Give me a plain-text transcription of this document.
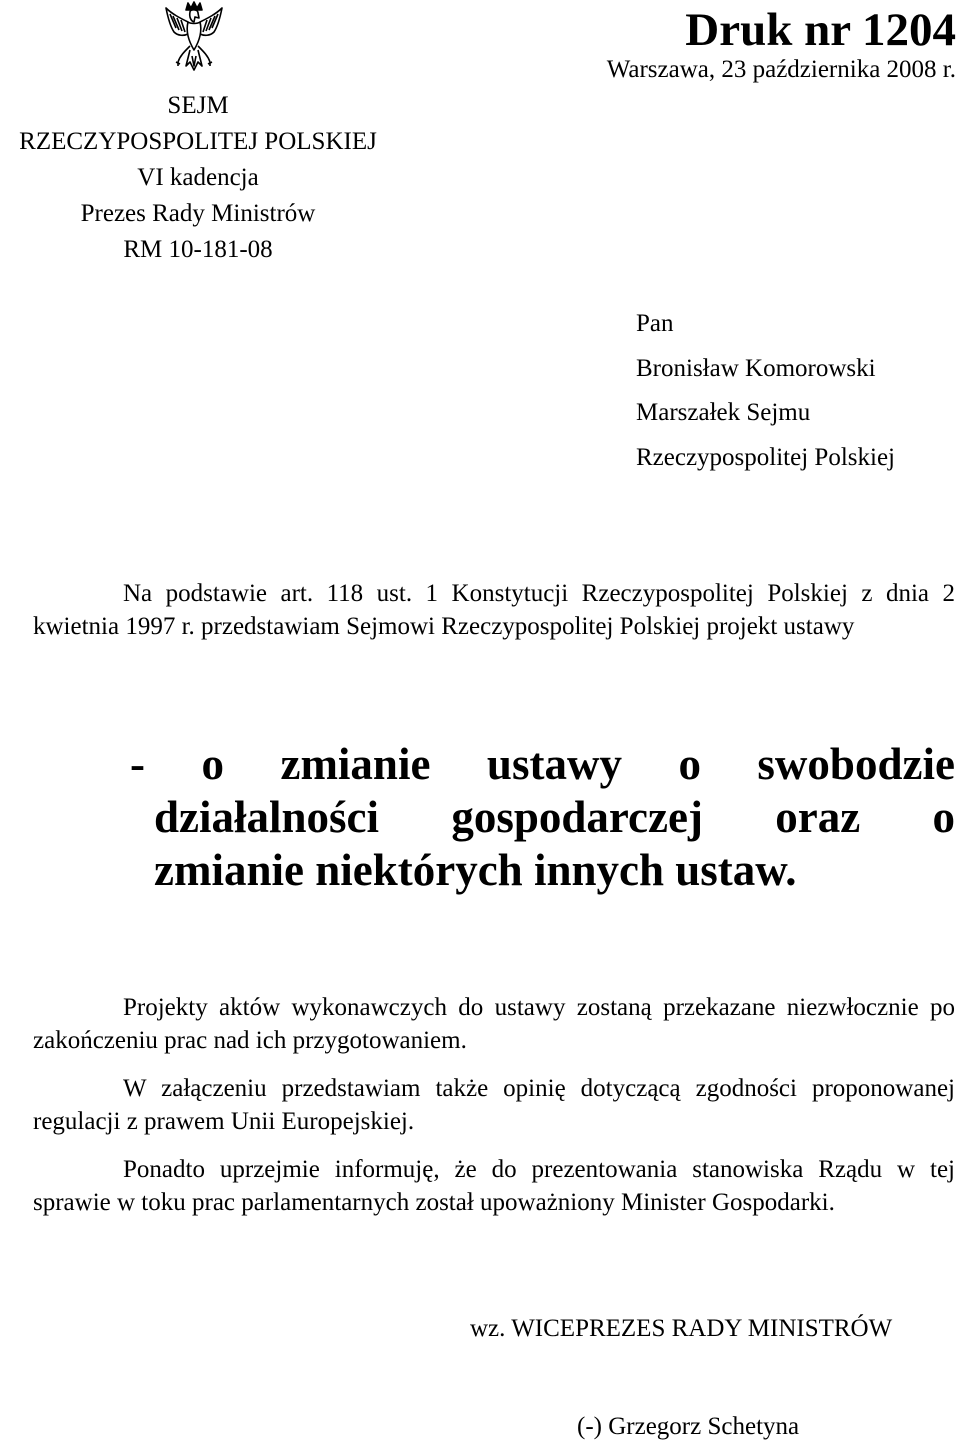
Druk nr 1204
Warszawa, 23 października 2008 r.
SEJM
RZECZYPOSPOLITEJ POLSKIEJ
VI kadencja
Prezes Rady Ministrów
RM 10-181-08
Pan
Bronisław Komorowski
Marszałek Sejmu
Rzeczypospolitej Polskiej
Na podstawie art. 118 ust. 1 Konstytucji Rzeczypospolitej Polskiej z dnia 2 kwietnia 1997 r. przedstawiam Sejmowi Rzeczypospolitej Polskiej projekt ustawy
- o zmianie ustawy o swobodzie
działalności gospodarczej oraz o
zmianie niektórych innych ustaw.
Projekty aktów wykonawczych do ustawy zostaną przekazane niezwłocznie po zakończeniu prac nad ich przygotowaniem.
W załączeniu przedstawiam także opinię dotyczącą zgodności proponowanej regulacji z prawem Unii Europejskiej.
Ponadto uprzejmie informuję, że do prezentowania stanowiska Rządu w tej sprawie w toku prac parlamentarnych został upoważniony Minister Gospodarki.
wz. WICEPREZES RADY MINISTRÓW
(-) Grzegorz Schetyna
